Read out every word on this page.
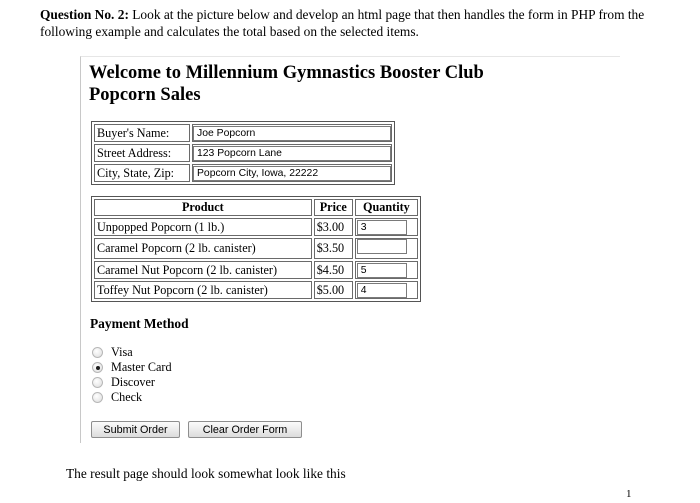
Question No. 2: Look at the picture below and develop an html page that then handles the form in PHP from the following example and calculates the total based on the selected items.
Welcome to Millennium Gymnastics Booster Club
Popcorn Sales
Buyer's Name:	Joe Popcorn
Street Address:	123 Popcorn Lane
City, State, Zip:	Popcorn City, Iowa, 22222
Product	Price	Quantity
Unpopped Popcorn (1 lb.)	$3.00	3
Caramel Popcorn (2 lb. canister)	$3.50	
Caramel Nut Popcorn (2 lb. canister)	$4.50	5
Toffey Nut Popcorn (2 lb. canister)	$5.00	4
Payment Method
Visa
Master Card
Discover
Check
Submit Order	Clear Order Form
The result page should look somewhat look like this
1
